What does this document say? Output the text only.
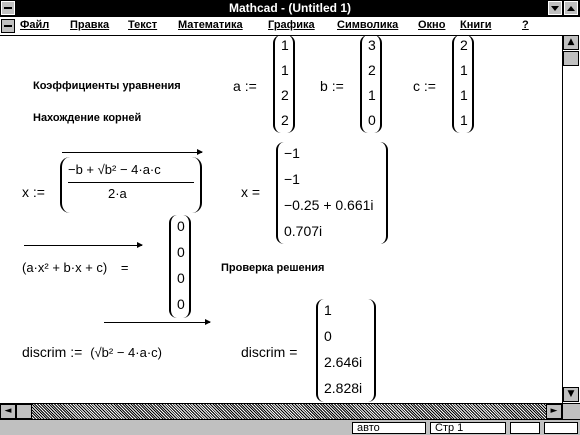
Mathcad - (Untitled 1)
Файл Правка Текст Математика Графика Символика Окно Книги	?
Коэффициенты уравнения
Нахождение корней
Проверка решения
a :=
1
1
2
2
b :=
3
2
1
0
c :=
2
1
1
1
x :=
−b + √b² − 4·a·c
2·a	x =
−1
−1
−0.25 + 0.661i
0.707i
(a·x² + b·x + c) =
0
0
0
0
discrim := (√b² − 4·a·c)	discrim =
1
0
2.646i
2.828i
▲
▼
◄	►
авто	Стр 1
